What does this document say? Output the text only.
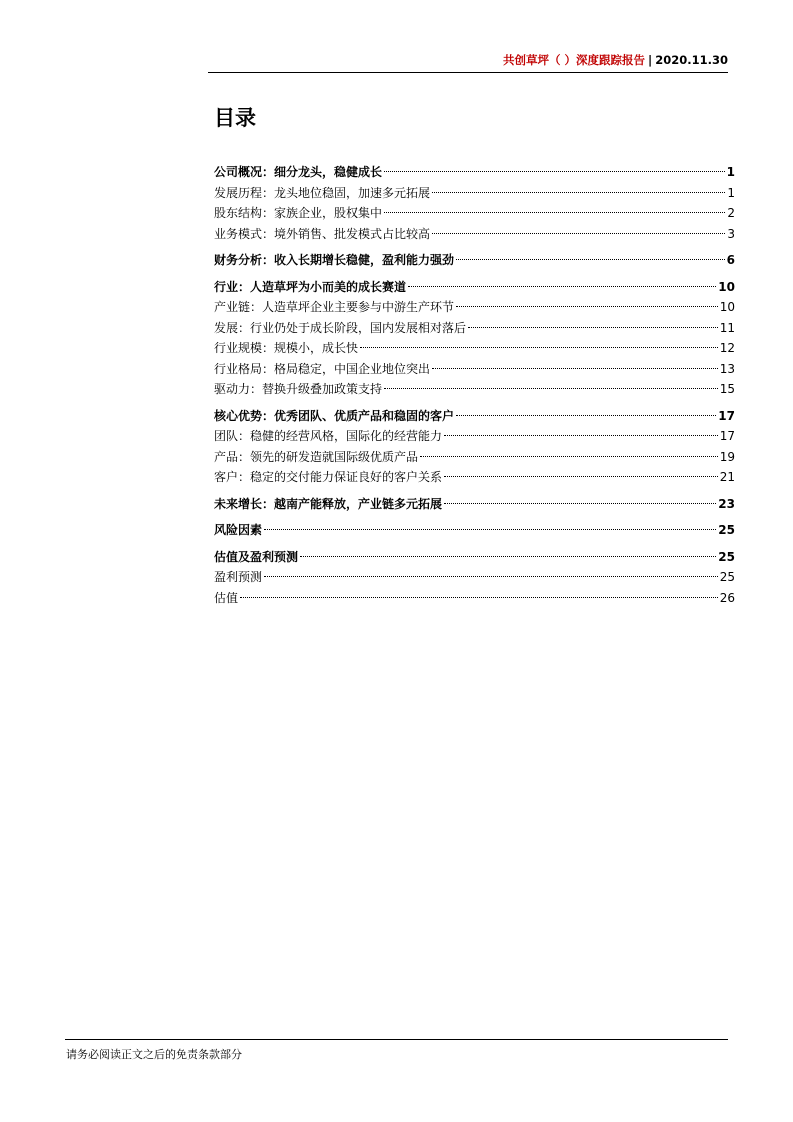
共创草坪（ ）深度跟踪报告 | 2020.11.30
目录
公司概况：细分龙头，稳健成长	1
发展历程：龙头地位稳固，加速多元拓展	1
股东结构：家族企业，股权集中	2
业务模式：境外销售、批发模式占比较高	3
财务分析：收入长期增长稳健，盈利能力强劲	6
行业：人造草坪为小而美的成长赛道	10
产业链：人造草坪企业主要参与中游生产环节	10
发展：行业仍处于成长阶段，国内发展相对落后	11
行业规模：规模小，成长快	12
行业格局：格局稳定，中国企业地位突出	13
驱动力：替换升级叠加政策支持	15
核心优势：优秀团队、优质产品和稳固的客户	17
团队：稳健的经营风格，国际化的经营能力	17
产品：领先的研发造就国际级优质产品	19
客户：稳定的交付能力保证良好的客户关系	21
未来增长：越南产能释放，产业链多元拓展	23
风险因素	25
估值及盈利预测	25
盈利预测	25
估值	26
请务必阅读正文之后的免责条款部分
